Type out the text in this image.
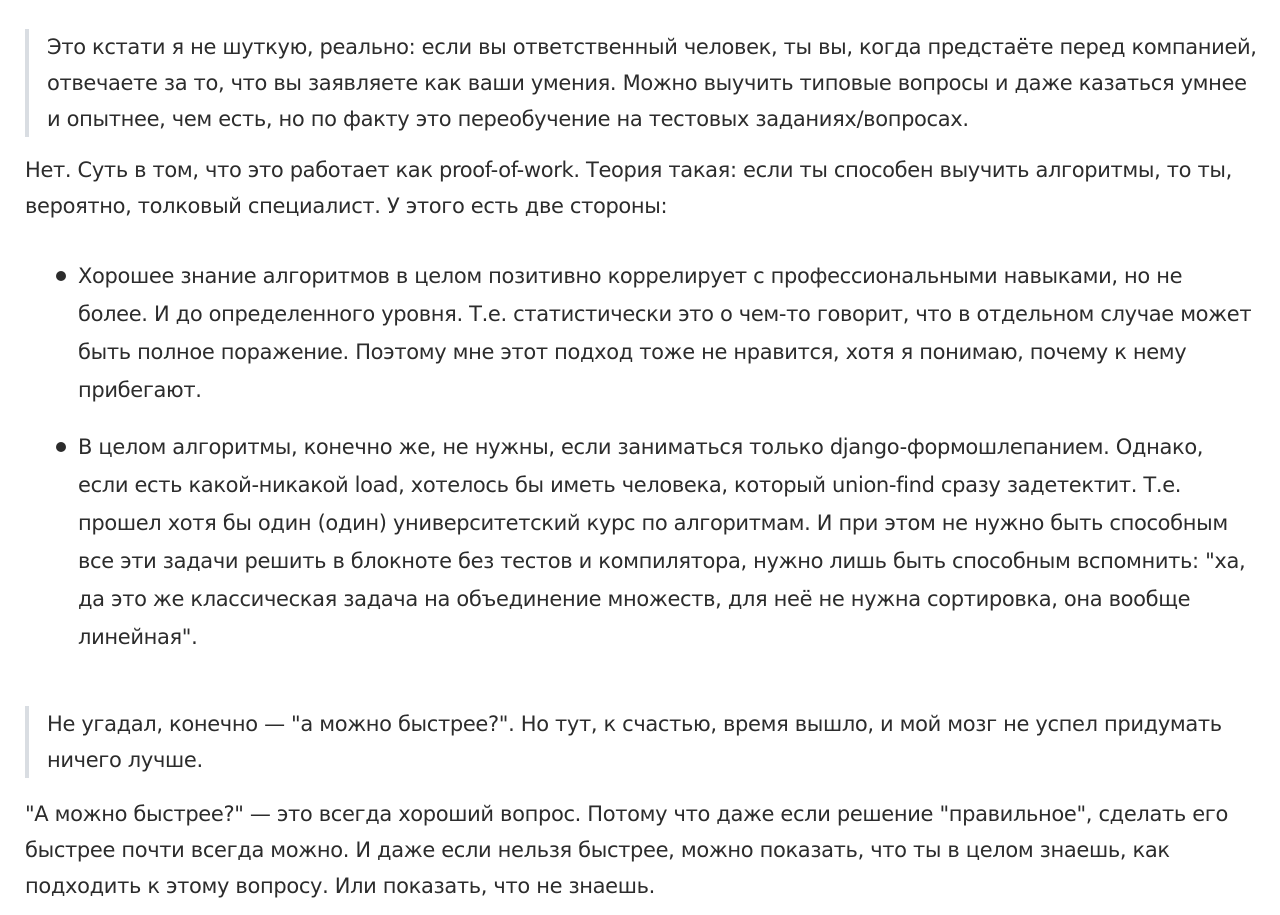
Это кстати я не шуткую, реально: если вы ответственный человек, ты вы, когда предстаёте перед компанией, отвечаете за то, что вы заявляете как ваши умения. Можно выучить типовые вопросы и даже казаться умнее и опытнее, чем есть, но по факту это переобучение на тестовых заданиях/вопросах.

Нет. Суть в том, что это работает как proof-of-work. Теория такая: если ты способен выучить алгоритмы, то ты, вероятно, толковый специалист. У этого есть две стороны:

Хорошее знание алгоритмов в целом позитивно коррелирует с профессиональными навыками, но не более. И до определенного уровня. Т.е. статистически это о чем-то говорит, что в отдельном случае может быть полное поражение. Поэтому мне этот подход тоже не нравится, хотя я понимаю, почему к нему прибегают.
В целом алгоритмы, конечно же, не нужны, если заниматься только django-формошлепанием. Однако, если есть какой-никакой load, хотелось бы иметь человека, который union-find сразу задетектит. Т.е. прошел хотя бы один (один) университетский курс по алгоритмам. И при этом не нужно быть способным все эти задачи решить в блокноте без тестов и компилятора, нужно лишь быть способным вспомнить: "ха, да это же классическая задача на объединение множеств, для неё не нужна сортировка, она вообще линейная".

Не угадал, конечно — "а можно быстрее?". Но тут, к счастью, время вышло, и мой мозг не успел придумать ничего лучше.

"А можно быстрее?" — это всегда хороший вопрос. Потому что даже если решение "правильное", сделать его быстрее почти всегда можно. И даже если нельзя быстрее, можно показать, что ты в целом знаешь, как подходить к этому вопросу. Или показать, что не знаешь.
